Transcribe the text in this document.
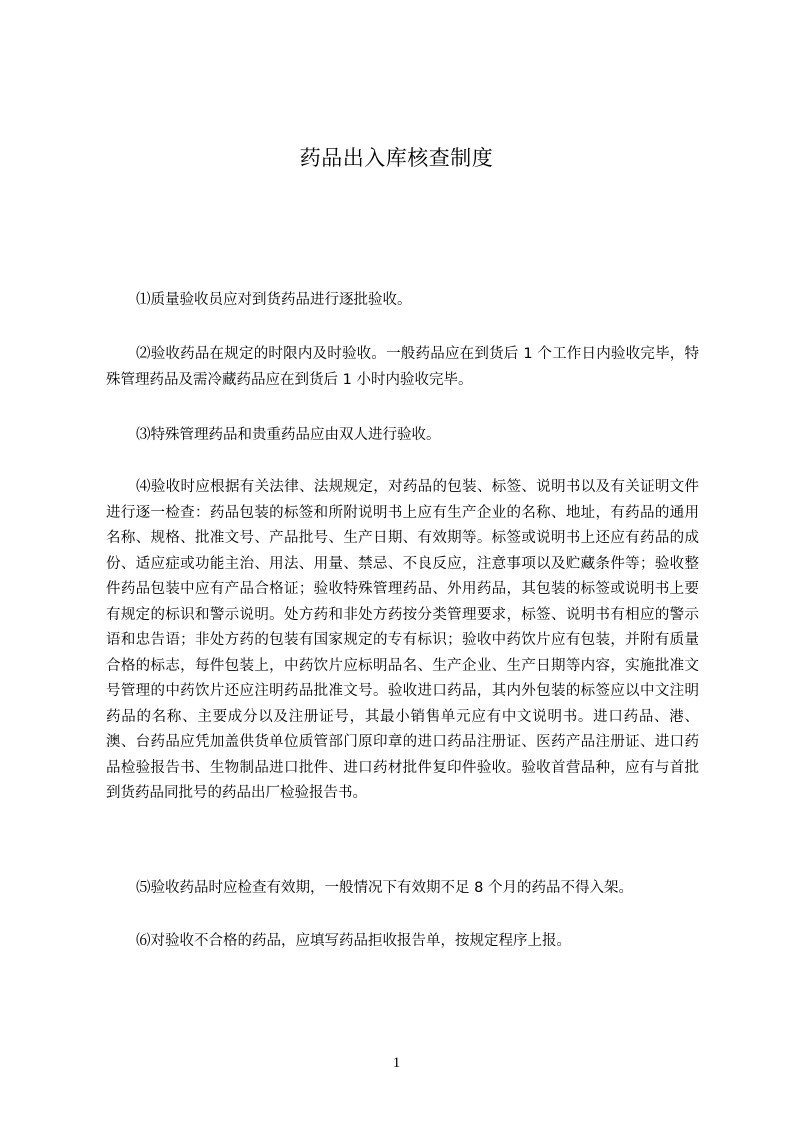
药品出入库核查制度

⑴质量验收员应对到货药品进行逐批验收。

⑵验收药品在规定的时限内及时验收。一般药品应在到货后 1 个工作日内验收完毕，特殊管理药品及需冷藏药品应在到货后 1 小时内验收完毕。

⑶特殊管理药品和贵重药品应由双人进行验收。

⑷验收时应根据有关法律、法规规定，对药品的包装、标签、说明书以及有关证明文件进行逐一检查：药品包装的标签和所附说明书上应有生产企业的名称、地址，有药品的通用名称、规格、批准文号、产品批号、生产日期、有效期等。标签或说明书上还应有药品的成份、适应症或功能主治、用法、用量、禁忌、不良反应，注意事项以及贮藏条件等；验收整件药品包装中应有产品合格证；验收特殊管理药品、外用药品，其包装的标签或说明书上要有规定的标识和警示说明。处方药和非处方药按分类管理要求，标签、说明书有相应的警示语和忠告语；非处方药的包装有国家规定的专有标识；验收中药饮片应有包装，并附有质量合格的标志，每件包装上，中药饮片应标明品名、生产企业、生产日期等内容，实施批准文号管理的中药饮片还应注明药品批准文号。验收进口药品，其内外包装的标签应以中文注明药品的名称、主要成分以及注册证号，其最小销售单元应有中文说明书。进口药品、港、澳、台药品应凭加盖供货单位质管部门原印章的进口药品注册证、医药产品注册证、进口药品检验报告书、生物制品进口批件、进口药材批件复印件验收。验收首营品种，应有与首批到货药品同批号的药品出厂检验报告书。

⑸验收药品时应检查有效期，一般情况下有效期不足 8 个月的药品不得入架。

⑹对验收不合格的药品，应填写药品拒收报告单，按规定程序上报。

1
